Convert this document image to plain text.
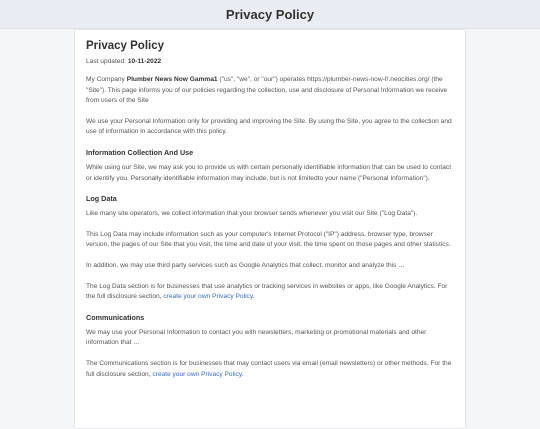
Privacy Policy
Privacy Policy
Last updated: 10-11-2022

My Company Plumber News Now Gamma1 ("us", "we", or "our") operates https://plumber-news-now-f/.neocities.org/ (the "Site"). This page informs you of our policies regarding the collection, use and disclosure of Personal Information we receive from users of the Site

We use your Personal Information only for providing and improving the Site. By using the Site, you agree to the collection and use of information in accordance with this policy.

Information Collection And Use

While using our Site, we may ask you to provide us with certain personally identifiable information that can be used to contact or identify you. Personally identifiable information may include, but is not limitedto your name ("Personal Information").

Log Data

Like many site operators, we collect information that your browser sends whenever you visit our Site ("Log Data").

This Log Data may include information such as your computer's Internet Protocol ("IP") address, browser type, browser version, the pages of our Site that you visit, the time and date of your visit, the time spent on those pages and other statistics.

In addition, we may use third party services such as Google Analytics that collect, monitor and analyze this …

The Log Data section is for businesses that use analytics or tracking services in websites or apps, like Google Analytics. For the full disclosure section, create your own Privacy Policy.

Communications

We may use your Personal Information to contact you with newsletters, marketing or promotional materials and other information that …

The Communications section is for businesses that may contact users via email (email newsletters) or other methods. For the full disclosure section, create your own Privacy Policy.
